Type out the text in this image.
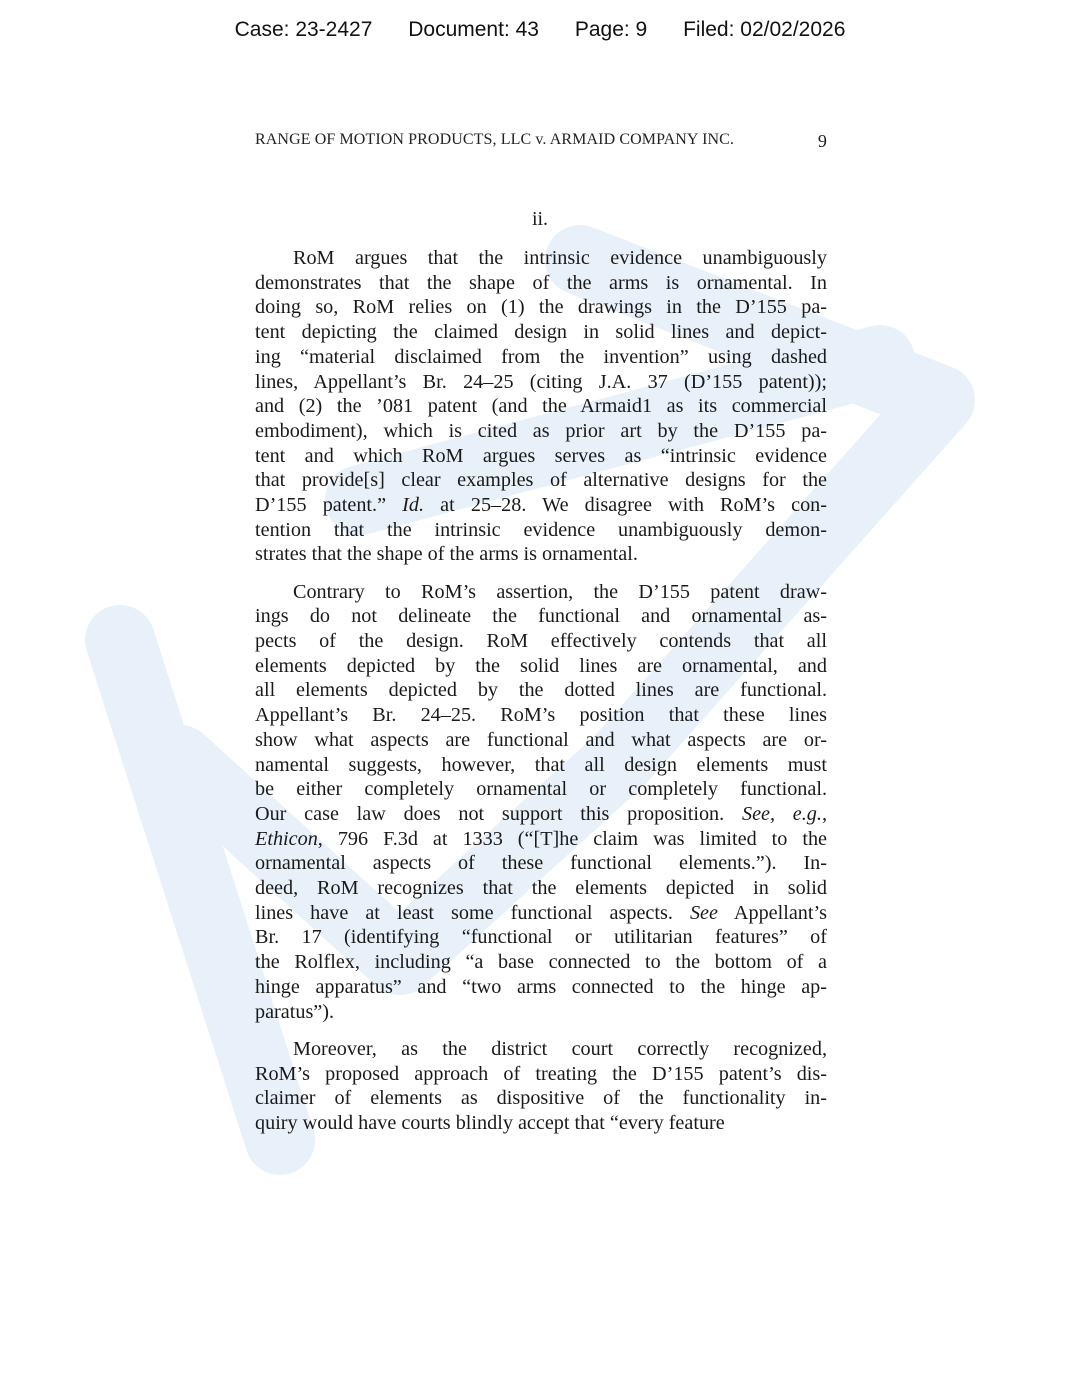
Case: 23-2427 Document: 43 Page: 9 Filed: 02/02/2026
RANGE OF MOTION PRODUCTS, LLC v. ARMAID COMPANY INC.	9
ii.
RoM argues that the intrinsic evidence unambiguously
demonstrates that the shape of the arms is ornamental. In
doing so, RoM relies on (1) the drawings in the D’155 pa-
tent depicting the claimed design in solid lines and depict-
ing “material disclaimed from the invention” using dashed
lines, Appellant’s Br. 24–25 (citing J.A. 37 (D’155 patent));
and (2) the ’081 patent (and the Armaid1 as its commercial
embodiment), which is cited as prior art by the D’155 pa-
tent and which RoM argues serves as “intrinsic evidence
that provide[s] clear examples of alternative designs for the
D’155 patent.” Id. at 25–28. We disagree with RoM’s con-
tention that the intrinsic evidence unambiguously demon-
strates that the shape of the arms is ornamental.
Contrary to RoM’s assertion, the D’155 patent draw-
ings do not delineate the functional and ornamental as-
pects of the design. RoM effectively contends that all
elements depicted by the solid lines are ornamental, and
all elements depicted by the dotted lines are functional.
Appellant’s Br. 24–25. RoM’s position that these lines
show what aspects are functional and what aspects are or-
namental suggests, however, that all design elements must
be either completely ornamental or completely functional.
Our case law does not support this proposition. See, e.g.,
Ethicon, 796 F.3d at 1333 (“[T]he claim was limited to the
ornamental aspects of these functional elements.”). In-
deed, RoM recognizes that the elements depicted in solid
lines have at least some functional aspects. See Appellant’s
Br. 17 (identifying “functional or utilitarian features” of
the Rolflex, including “a base connected to the bottom of a
hinge apparatus” and “two arms connected to the hinge ap-
paratus”).
Moreover, as the district court correctly recognized,
RoM’s proposed approach of treating the D’155 patent’s dis-
claimer of elements as dispositive of the functionality in-
quiry would have courts blindly accept that “every feature
